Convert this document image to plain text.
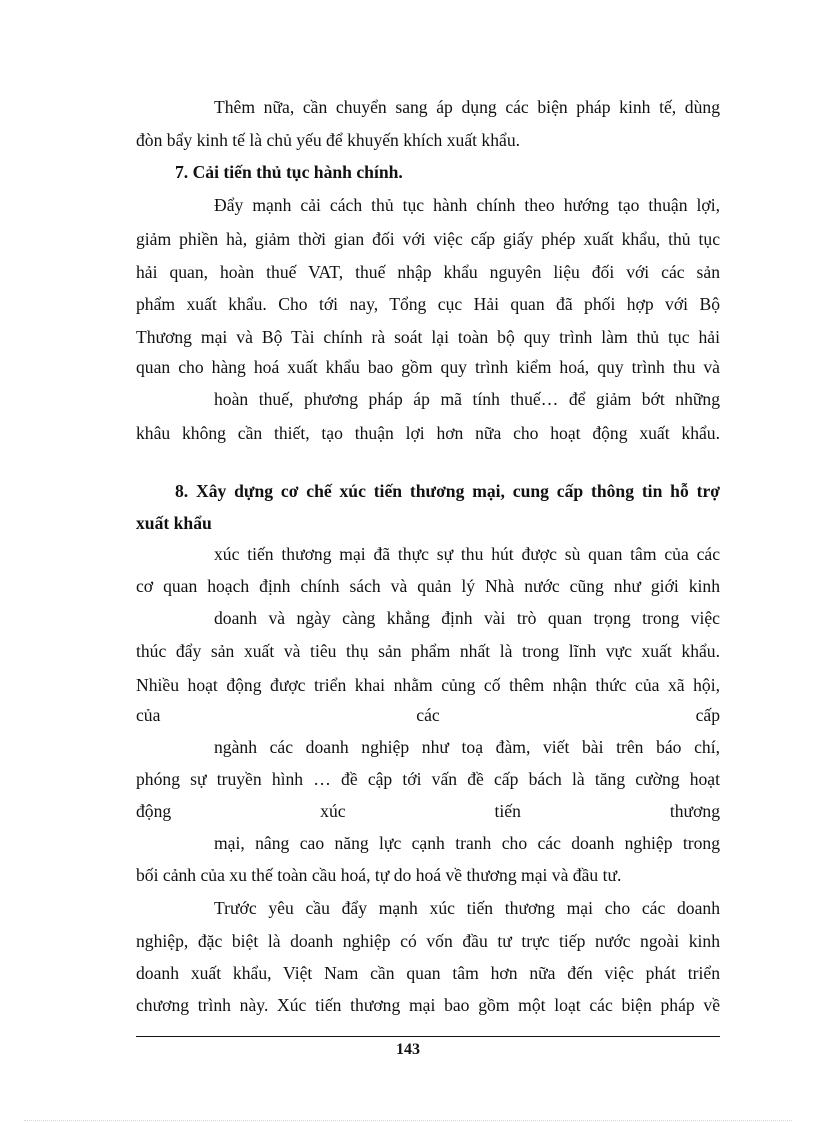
Thêm nữa, cần chuyển sang áp dụng các biện pháp kinh tế, dùng
đòn bẩy kinh tế là chủ yếu để khuyến khích xuất khẩu.
7. Cải tiến thủ tục hành chính.
Đẩy mạnh cải cách thủ tục hành chính theo hướng tạo thuận lợi,
giảm phiền hà, giảm thời gian đối với việc cấp giấy phép xuất khẩu, thủ tục
hải quan, hoàn thuế VAT, thuế nhập khẩu nguyên liệu đối với các sản
phẩm xuất khẩu. Cho tới nay, Tổng cục Hải quan đã phối hợp với Bộ
Thương mại và Bộ Tài chính rà soát lại toàn bộ quy trình làm thủ tục hải
quan cho hàng hoá xuất khẩu bao gồm quy trình kiểm hoá, quy trình thu và
hoàn thuế, phương pháp áp mã tính thuế… để giảm bớt những
khâu không cần thiết, tạo thuận lợi hơn nữa cho hoạt động xuất khẩu.
8. Xây dựng cơ chế xúc tiến thương mại, cung cấp thông tin hỗ trợ
xuất khẩu
xúc tiến thương mại đã thực sự thu hút được sù quan tâm của các
cơ quan hoạch định chính sách và quản lý Nhà nước cũng như giới kinh
doanh và ngày càng khẳng định vài trò quan trọng trong việc
thúc đẩy sản xuất và tiêu thụ sản phẩm nhất là trong lĩnh vực xuất khẩu.
Nhiều hoạt động được triển khai nhằm củng cố thêm nhận thức của xã hội,
của các cấp
ngành các doanh nghiệp như toạ đàm, viết bài trên báo chí,
phóng sự truyền hình … đề cập tới vấn đề cấp bách là tăng cường hoạt
động xúc tiến thương
mại, nâng cao năng lực cạnh tranh cho các doanh nghiệp trong
bối cảnh của xu thế toàn cầu hoá, tự do hoá về thương mại và đầu tư.
Trước yêu cầu đẩy mạnh xúc tiến thương mại cho các doanh
nghiệp, đặc biệt là doanh nghiệp có vốn đầu tư trực tiếp nước ngoài kinh
doanh xuất khẩu, Việt Nam cần quan tâm hơn nữa đến việc phát triển
chương trình này. Xúc tiến thương mại bao gồm một loạt các biện pháp về
143
